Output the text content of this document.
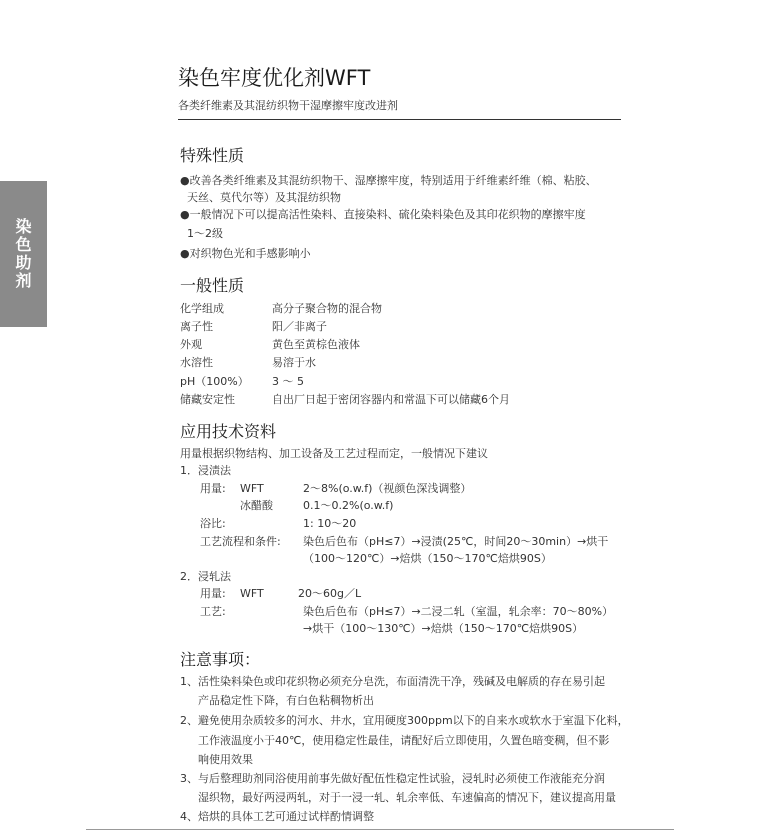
染
色
助
剂
染色牢度优化剂WFT
各类纤维素及其混纺织物干湿摩擦牢度改进剂
特殊性质
●改善各类纤维素及其混纺织物干、湿摩擦牢度，特别适用于纤维素纤维（棉、粘胶、
天丝、莫代尔等）及其混纺织物
●一般情况下可以提高活性染料、直接染料、硫化染料染色及其印花织物的摩擦牢度
1～2级
●对织物色光和手感影响小
一般性质
化学组成	高分子聚合物的混合物
离子性	阳／非离子
外观	黄色至黄棕色液体
水溶性	易溶于水
pH（100%） 3 ～ 5
储藏安定性	自出厂日起于密闭容器内和常温下可以储藏6个月
应用技术资料
用量根据织物结构、加工设备及工艺过程而定，一般情况下建议
1．浸渍法
用量: WFT	2～8%(o.w.f)（视颜色深浅调整）
冰醋酸	0.1～0.2%(o.w.f)
浴比:	1: 10～20
工艺流程和条件: 染色后色布（pH≤7）→浸渍(25℃，时间20～30min）→烘干
（100～120℃）→焙烘（150～170℃焙烘90S）
2．浸轧法
用量: WFT	20～60g／L
工艺:	染色后色布（pH≤7）→二浸二轧（室温，轧余率：70～80%）
→烘干（100～130℃）→焙烘（150～170℃焙烘90S）
注意事项：
1、活性染料染色或印花织物必须充分皂洗，布面清洗干净，残碱及电解质的存在易引起
产品稳定性下降，有白色粘稠物析出
2、避免使用杂质较多的河水、井水，宜用硬度300ppm以下的自来水或软水于室温下化料，
工作液温度小于40℃，使用稳定性最佳，请配好后立即使用，久置色暗变稠，但不影
响使用效果
3、与后整理助剂同浴使用前事先做好配伍性稳定性试验，浸轧时必须使工作液能充分润
湿织物，最好两浸两轧，对于一浸一轧、轧余率低、车速偏高的情况下，建议提高用量
4、焙烘的具体工艺可通过试样酌情调整
